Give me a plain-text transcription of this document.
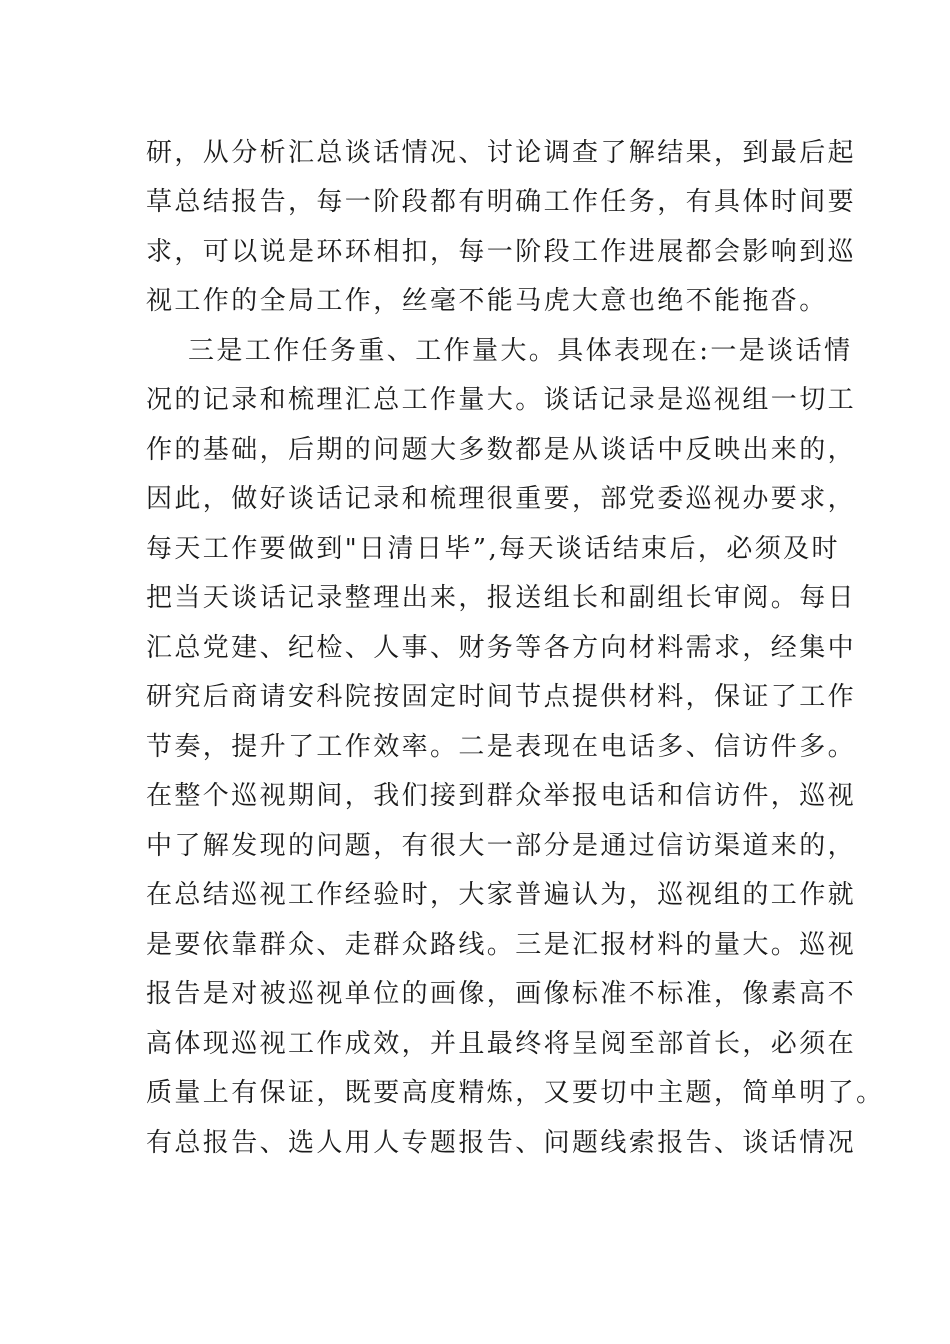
研，从分析汇总谈话情况、讨论调查了解结果，到最后起

草总结报告，每一阶段都有明确工作任务，有具体时间要

求，可以说是环环相扣，每一阶段工作进展都会影响到巡

视工作的全局工作，丝毫不能马虎大意也绝不能拖沓。

三是工作任务重、工作量大。具体表现在:一是谈话情

况的记录和梳理汇总工作量大。谈话记录是巡视组一切工

作的基础，后期的问题大多数都是从谈话中反映出来的，

因此，做好谈话记录和梳理很重要，部党委巡视办要求，

每天工作要做到"日清日毕”,每天谈话结束后，必须及时

把当天谈话记录整理出来，报送组长和副组长审阅。每日

汇总党建、纪检、人事、财务等各方向材料需求，经集中

研究后商请安科院按固定时间节点提供材料，保证了工作

节奏，提升了工作效率。二是表现在电话多、信访件多。

在整个巡视期间，我们接到群众举报电话和信访件，巡视

中了解发现的问题，有很大一部分是通过信访渠道来的，

在总结巡视工作经验时，大家普遍认为，巡视组的工作就

是要依靠群众、走群众路线。三是汇报材料的量大。巡视

报告是对被巡视单位的画像，画像标准不标准，像素高不

高体现巡视工作成效，并且最终将呈阅至部首长，必须在

质量上有保证，既要高度精炼，又要切中主题，简单明了。

有总报告、选人用人专题报告、问题线索报告、谈话情况
